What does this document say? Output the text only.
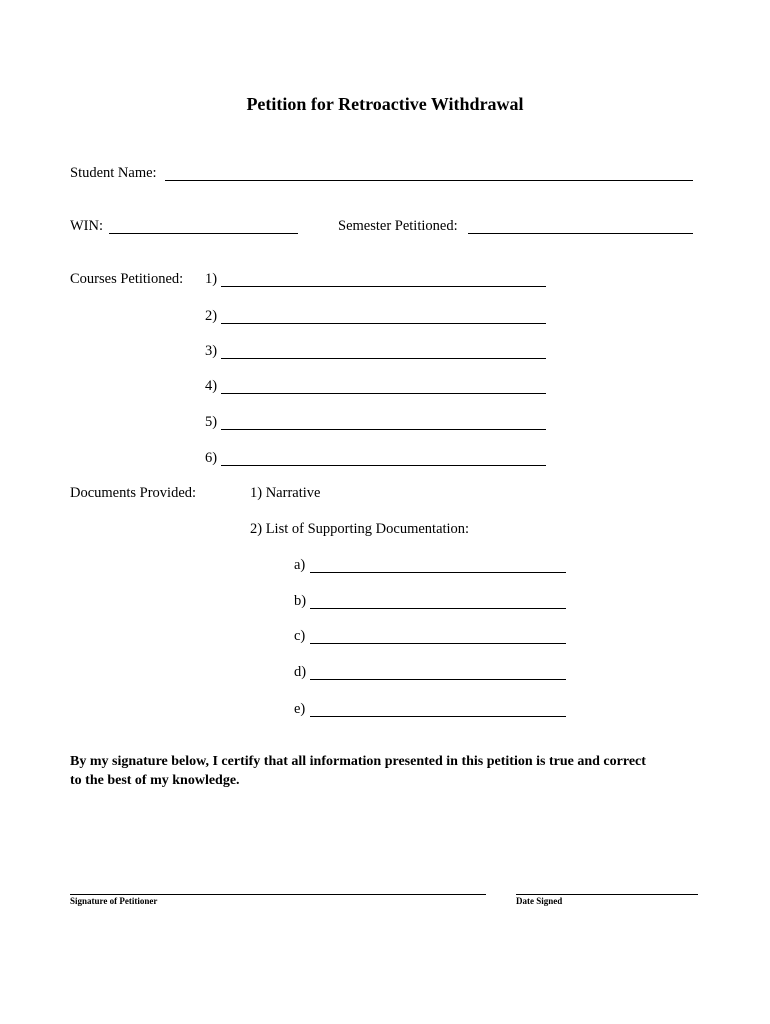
Petition for Retroactive Withdrawal
Student Name:
WIN:	Semester Petitioned:
Courses Petitioned: 1)
2)
3)
4)
5)
6)
Documents Provided:	1) Narrative
2) List of Supporting Documentation:
a)
b)
c)
d)
e)
By my signature below, I certify that all information presented in this petition is true and correct
to the best of my knowledge.
Signature of Petitioner	Date Signed
